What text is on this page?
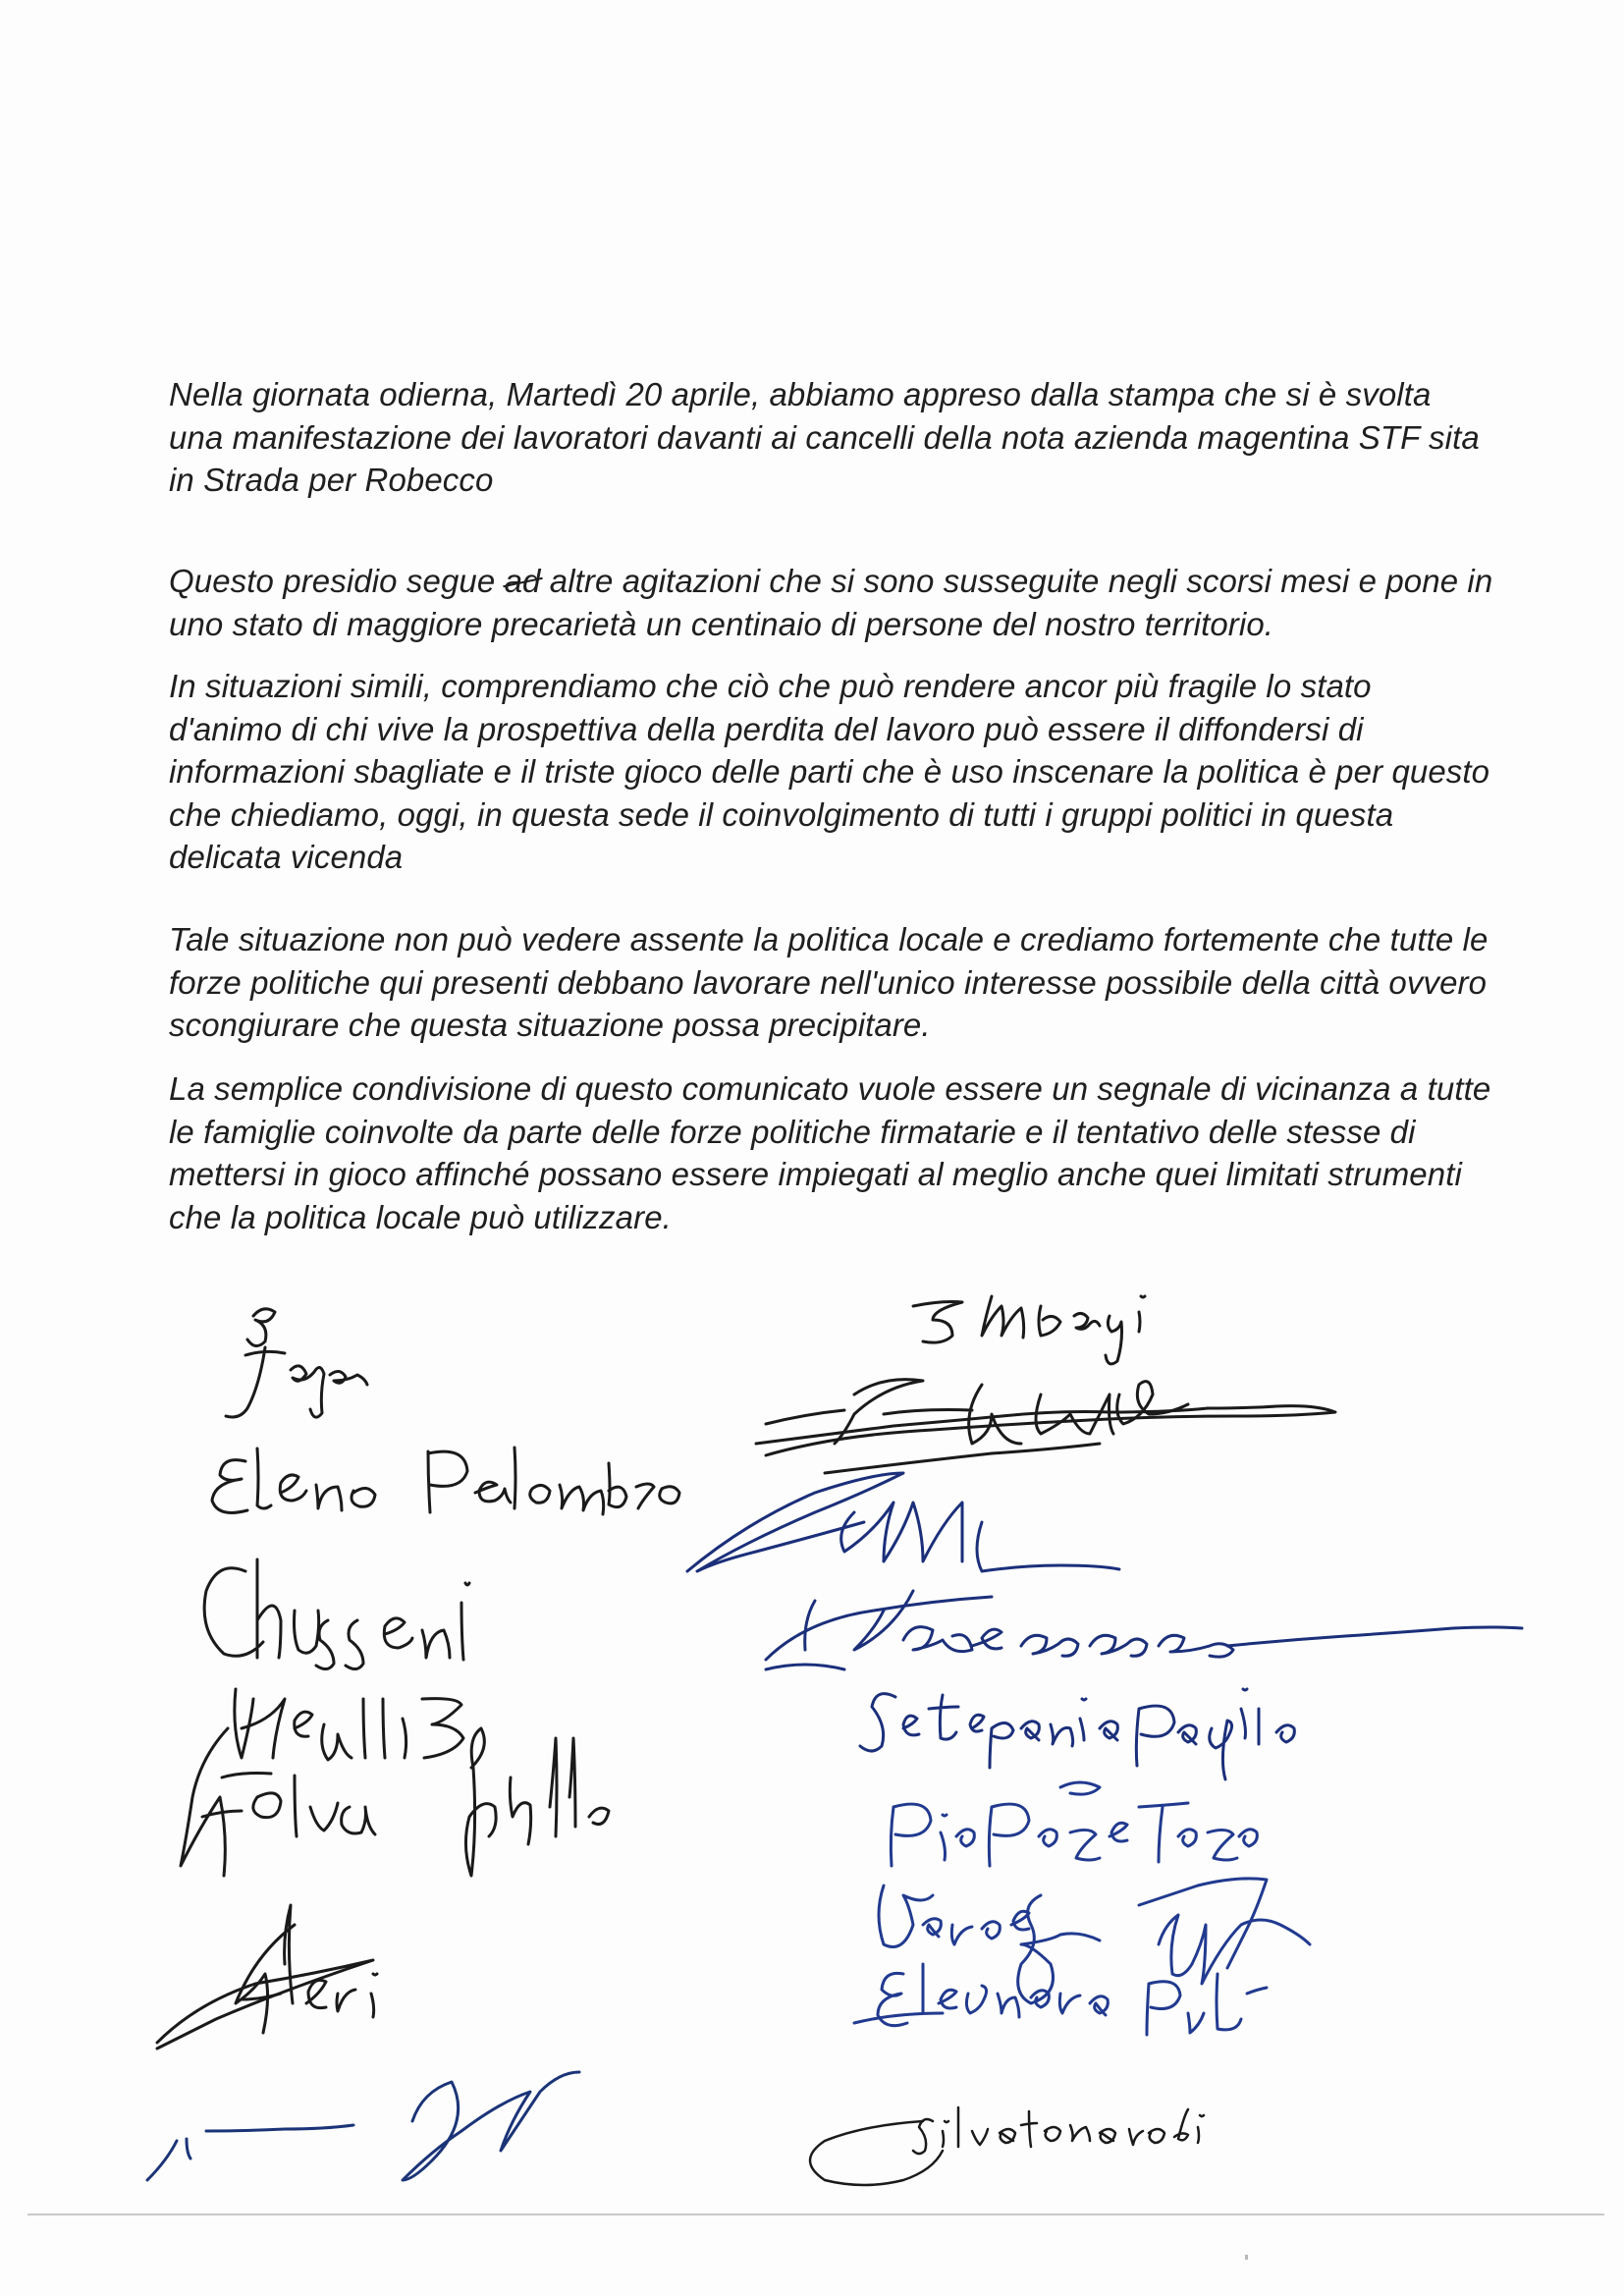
Nella giornata odierna, Martedì 20 aprile, abbiamo appreso dalla stampa che si è svolta
una manifestazione dei lavoratori davanti ai cancelli della nota azienda magentina STF sita
in Strada per Robecco
Questo presidio segue ad altre agitazioni che si sono susseguite negli scorsi mesi e pone in
uno stato di maggiore precarietà un centinaio di persone del nostro territorio.
In situazioni simili, comprendiamo che ciò che può rendere ancor più fragile lo stato
d'animo di chi vive la prospettiva della perdita del lavoro può essere il diffondersi di
informazioni sbagliate e il triste gioco delle parti che è uso inscenare la politica è per questo
che chiediamo, oggi, in questa sede il coinvolgimento di tutti i gruppi politici in questa
delicata vicenda
Tale situazione non può vedere assente la politica locale e crediamo fortemente che tutte le
forze politiche qui presenti debbano lavorare nell'unico interesse possibile della città ovvero
scongiurare che questa situazione possa precipitare.
La semplice condivisione di questo comunicato vuole essere un segnale di vicinanza a tutte
le famiglie coinvolte da parte delle forze politiche firmatarie e il tentativo delle stesse di
mettersi in gioco affinché possano essere impiegati al meglio anche quei limitati strumenti
che la politica locale può utilizzare.
